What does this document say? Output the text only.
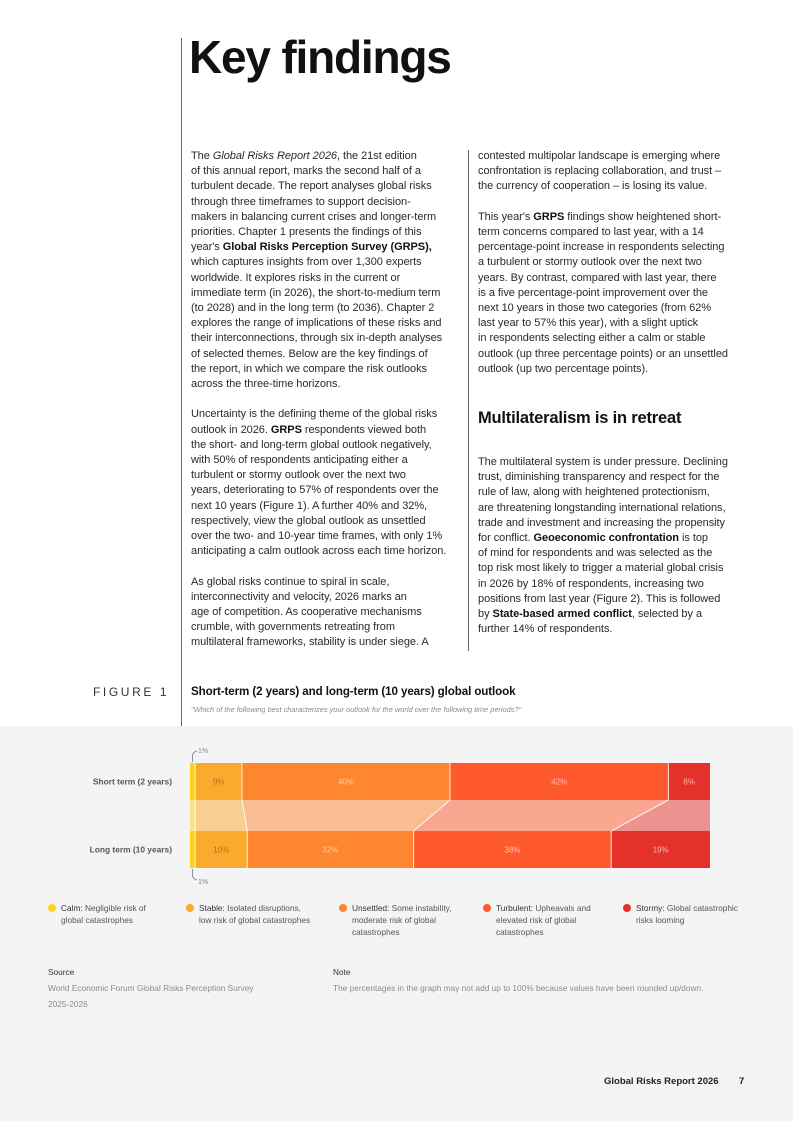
Key findings

The Global Risks Report 2026, the 21st edition
of this annual report, marks the second half of a
turbulent decade. The report analyses global risks
through three timeframes to support decision-
makers in balancing current crises and longer-term
priorities. Chapter 1 presents the findings of this
year's Global Risks Perception Survey (GRPS),
which captures insights from over 1,300 experts
worldwide. It explores risks in the current or
immediate term (in 2026), the short-to-medium term
(to 2028) and in the long term (to 2036). Chapter 2
explores the range of implications of these risks and
their interconnections, through six in-depth analyses
of selected themes. Below are the key findings of
the report, in which we compare the risk outlooks
across the three-time horizons.

Uncertainty is the defining theme of the global risks
outlook in 2026. GRPS respondents viewed both
the short- and long-term global outlook negatively,
with 50% of respondents anticipating either a
turbulent or stormy outlook over the next two
years, deteriorating to 57% of respondents over the
next 10 years (Figure 1). A further 40% and 32%,
respectively, view the global outlook as unsettled
over the two- and 10-year time frames, with only 1%
anticipating a calm outlook across each time horizon.

As global risks continue to spiral in scale,
interconnectivity and velocity, 2026 marks an
age of competition. As cooperative mechanisms
crumble, with governments retreating from
multilateral frameworks, stability is under siege. A

contested multipolar landscape is emerging where
confrontation is replacing collaboration, and trust –
the currency of cooperation – is losing its value.

This year's GRPS findings show heightened short-
term concerns compared to last year, with a 14
percentage-point increase in respondents selecting
a turbulent or stormy outlook over the next two
years. By contrast, compared with last year, there
is a five percentage-point improvement over the
next 10 years in those two categories (from 62%
last year to 57% this year), with a slight uptick
in respondents selecting either a calm or stable
outlook (up three percentage points) or an unsettled
outlook (up two percentage points).

Multilateralism is in retreat

The multilateral system is under pressure. Declining
trust, diminishing transparency and respect for the
rule of law, along with heightened protectionism,
are threatening longstanding international relations,
trade and investment and increasing the propensity
for conflict. Geoeconomic confrontation is top
of mind for respondents and was selected as the
top risk most likely to trigger a material global crisis
in 2026 by 18% of respondents, increasing two
positions from last year (Figure 2). This is followed
by State-based armed conflict, selected by a
further 14% of respondents.

FIGURE 1 Short-term (2 years) and long-term (10 years) global outlook
"Which of the following best characterizes your outlook for the world over the following time periods?"
Short term (2 years)
Long term (10 years)
9%	40%	42%	8%
10%	32%	38%	19%
1%
1%
Calm: Negligible risk of
global catastrophes
Stable: Isolated disruptions,
low risk of global catastrophes
Unsettled: Some instability,
moderate risk of global
catastrophes
Turbulent: Upheavals and
elevated risk of global
catastrophes
Stormy: Global catastrophic
risks looming
Source
World Economic Forum Global Risks Perception Survey
2025-2026
Note
The percentages in the graph may not add up to 100% because values have been rounded up/down.
Global Risks Report 2026 7
